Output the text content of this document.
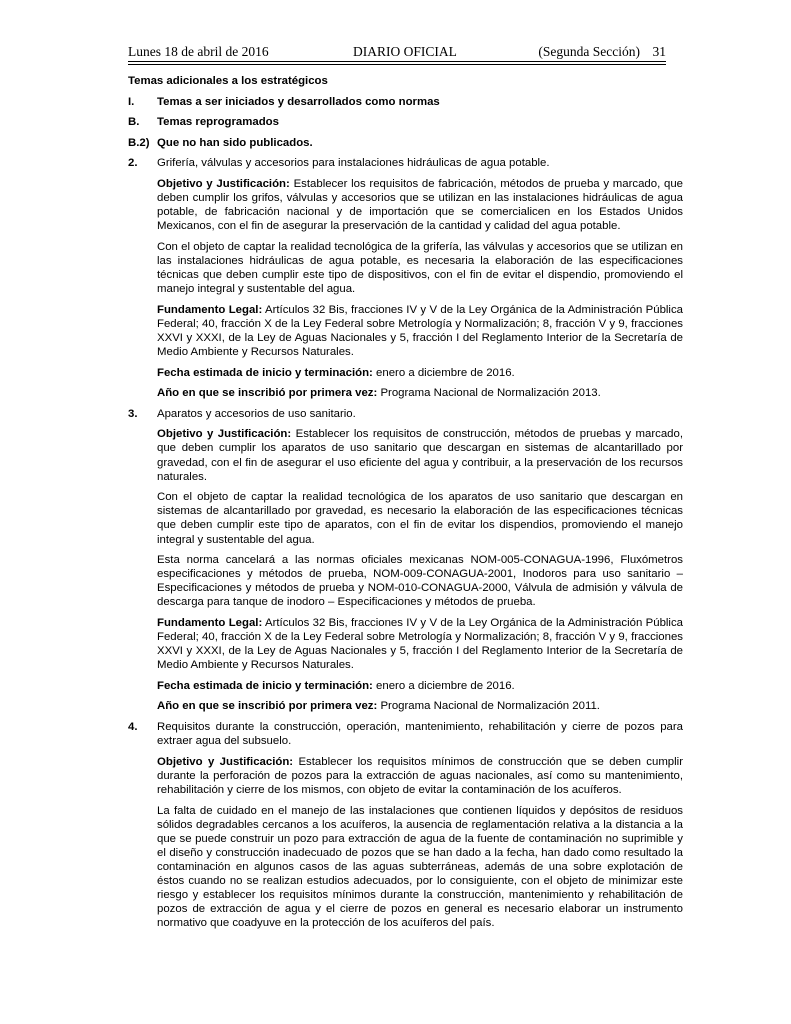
Lunes 18 de abril de 2016	DIARIO OFICIAL	(Segunda Sección) 31
Temas adicionales a los estratégicos
I. Temas a ser iniciados y desarrollados como normas
B. Temas reprogramados
B.2) Que no han sido publicados.
2.	Grifería, válvulas y accesorios para instalaciones hidráulicas de agua potable.
Objetivo y Justificación: Establecer los requisitos de fabricación, métodos de prueba y marcado, que deben cumplir los grifos, válvulas y accesorios que se utilizan en las instalaciones hidráulicas de agua potable, de fabricación nacional y de importación que se comercialicen en los Estados Unidos Mexicanos, con el fin de asegurar la preservación de la cantidad y calidad del agua potable.
Con el objeto de captar la realidad tecnológica de la grifería, las válvulas y accesorios que se utilizan en las instalaciones hidráulicas de agua potable, es necesaria la elaboración de las especificaciones técnicas que deben cumplir este tipo de dispositivos, con el fin de evitar el dispendio, promoviendo el manejo integral y sustentable del agua.
Fundamento Legal: Artículos 32 Bis, fracciones IV y V de la Ley Orgánica de la Administración Pública Federal; 40, fracción X de la Ley Federal sobre Metrología y Normalización; 8, fracción V y 9, fracciones XXVI y XXXI, de la Ley de Aguas Nacionales y 5, fracción I del Reglamento Interior de la Secretaría de Medio Ambiente y Recursos Naturales.
Fecha estimada de inicio y terminación: enero a diciembre de 2016.
Año en que se inscribió por primera vez: Programa Nacional de Normalización 2013.
3.	Aparatos y accesorios de uso sanitario.
Objetivo y Justificación: Establecer los requisitos de construcción, métodos de pruebas y marcado, que deben cumplir los aparatos de uso sanitario que descargan en sistemas de alcantarillado por gravedad, con el fin de asegurar el uso eficiente del agua y contribuir, a la preservación de los recursos naturales.
Con el objeto de captar la realidad tecnológica de los aparatos de uso sanitario que descargan en sistemas de alcantarillado por gravedad, es necesario la elaboración de las especificaciones técnicas que deben cumplir este tipo de aparatos, con el fin de evitar los dispendios, promoviendo el manejo integral y sustentable del agua.
Esta norma cancelará a las normas oficiales mexicanas NOM-005-CONAGUA-1996, Fluxómetros especificaciones y métodos de prueba, NOM-009-CONAGUA-2001, Inodoros para uso sanitario – Especificaciones y métodos de prueba y NOM-010-CONAGUA-2000, Válvula de admisión y válvula de descarga para tanque de inodoro – Especificaciones y métodos de prueba.
Fundamento Legal: Artículos 32 Bis, fracciones IV y V de la Ley Orgánica de la Administración Pública Federal; 40, fracción X de la Ley Federal sobre Metrología y Normalización; 8, fracción V y 9, fracciones XXVI y XXXI, de la Ley de Aguas Nacionales y 5, fracción I del Reglamento Interior de la Secretaría de Medio Ambiente y Recursos Naturales.
Fecha estimada de inicio y terminación: enero a diciembre de 2016.
Año en que se inscribió por primera vez: Programa Nacional de Normalización 2011.
4.	Requisitos durante la construcción, operación, mantenimiento, rehabilitación y cierre de pozos para extraer agua del subsuelo.
Objetivo y Justificación: Establecer los requisitos mínimos de construcción que se deben cumplir durante la perforación de pozos para la extracción de aguas nacionales, así como su mantenimiento, rehabilitación y cierre de los mismos, con objeto de evitar la contaminación de los acuíferos.
La falta de cuidado en el manejo de las instalaciones que contienen líquidos y depósitos de residuos sólidos degradables cercanos a los acuíferos, la ausencia de reglamentación relativa a la distancia a la que se puede construir un pozo para extracción de agua de la fuente de contaminación no suprimible y el diseño y construcción inadecuado de pozos que se han dado a la fecha, han dado como resultado la contaminación en algunos casos de las aguas subterráneas, además de una sobre explotación de éstos cuando no se realizan estudios adecuados, por lo consiguiente, con el objeto de minimizar este riesgo y establecer los requisitos mínimos durante la construcción, mantenimiento y rehabilitación de pozos de extracción de agua y el cierre de pozos en general es necesario elaborar un instrumento normativo que coadyuve en la protección de los acuíferos del país.
